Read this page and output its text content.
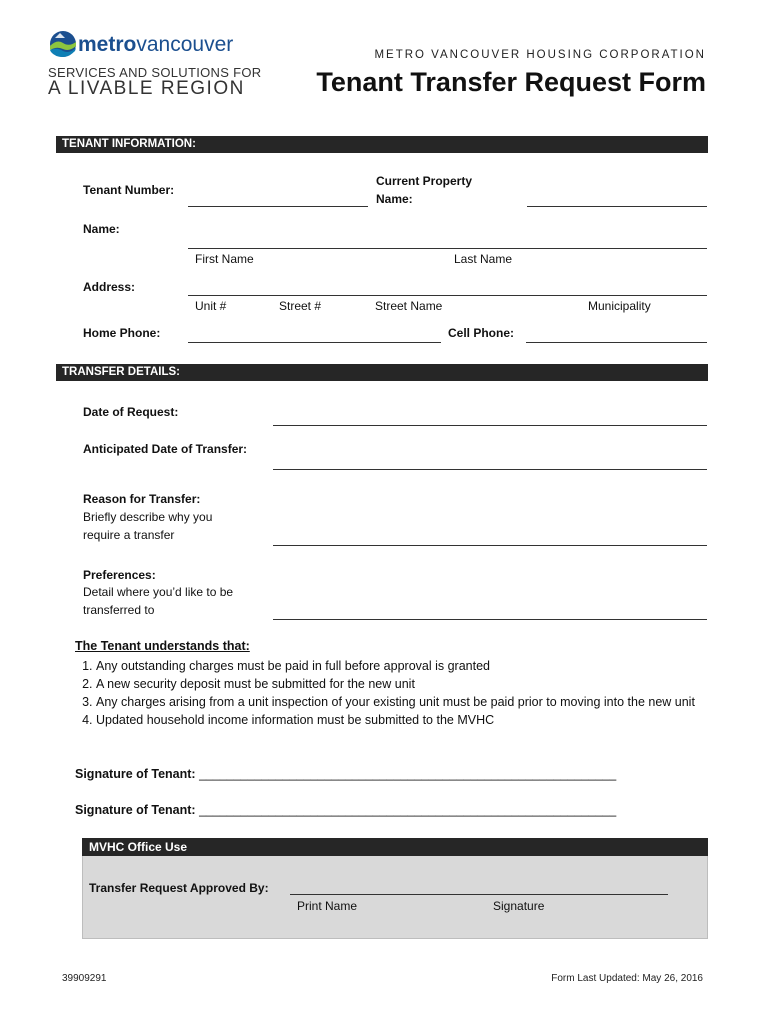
metrovancouver
SERVICES AND SOLUTIONS FOR
A LIVABLE REGION
METRO VANCOUVER HOUSING CORPORATION
Tenant Transfer Request Form
TENANT INFORMATION:
Tenant Number:
Current Property
Name:
Name:
First Name	Last Name
Address:
Unit #	Street #	Street Name	Municipality
Home Phone:	Cell Phone:
TRANSFER DETAILS:
Date of Request:
Anticipated Date of Transfer:
Reason for Transfer:
Briefly describe why you
require a transfer
Preferences:
Detail where you’d like to be
transferred to
The Tenant understands that:
1. Any outstanding charges must be paid in full before approval is granted
2. A new security deposit must be submitted for the new unit
3. Any charges arising from a unit inspection of your existing unit must be paid prior to moving into the new unit
4. Updated household income information must be submitted to the MVHC
Signature of Tenant: ____________________________________________________________
Signature of Tenant: ____________________________________________________________
MVHC Office Use
Transfer Request Approved By:
Print Name	Signature
39909291	Form Last Updated: May 26, 2016
